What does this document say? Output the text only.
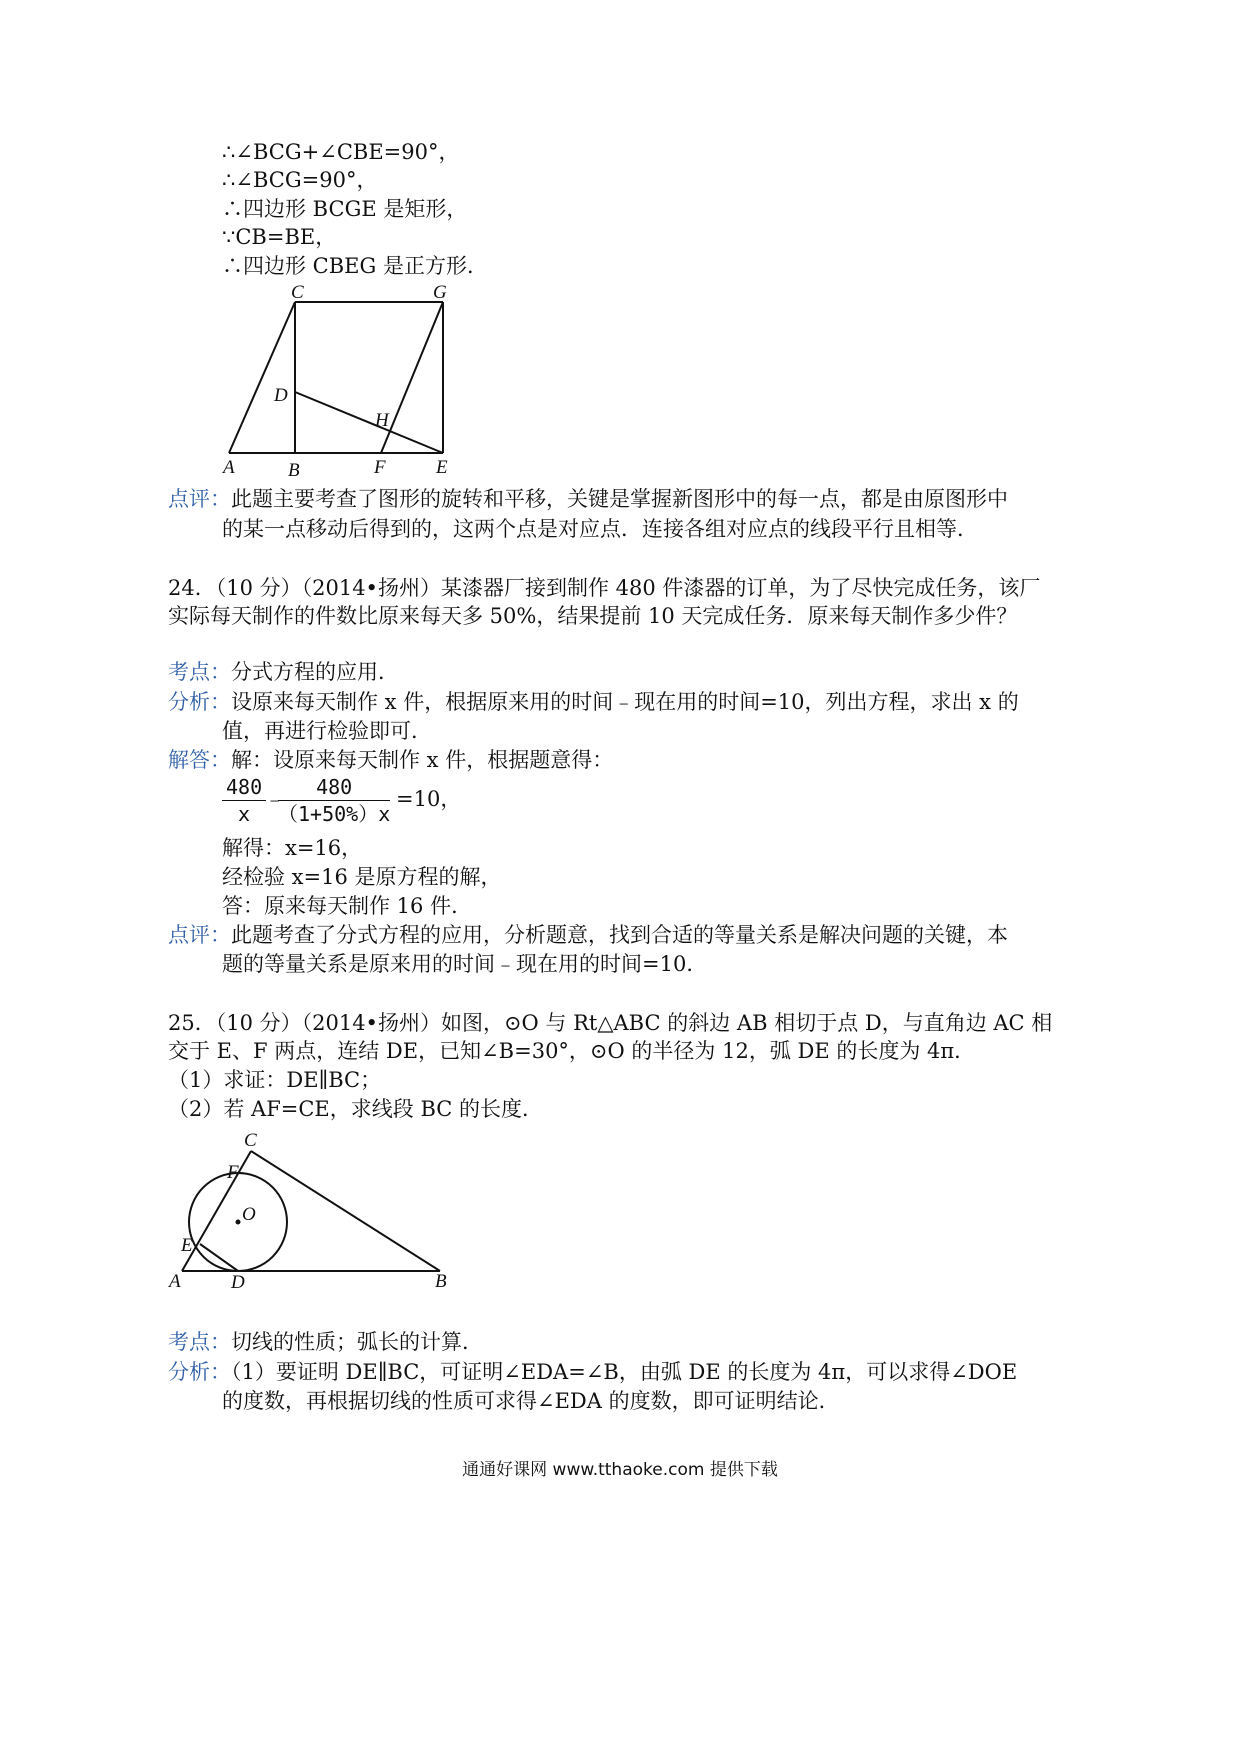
∴∠BCG+∠CBE=90°，
∴∠BCG=90°，
∴四边形 BCGE 是矩形，
∵CB=BE，
∴四边形 CBEG 是正方形．
C	G
D
H
A	B	F	E
点评：此题主要考查了图形的旋转和平移，关键是掌握新图形中的每一点，都是由原图形中
的某一点移动后得到的，这两个点是对应点．连接各组对应点的线段平行且相等．
24．（10 分）（2014•扬州）某漆器厂接到制作 480 件漆器的订单，为了尽快完成任务，该厂
实际每天制作的件数比原来每天多 50%，结果提前 10 天完成任务．原来每天制作多少件？
考点：分式方程的应用．
分析：设原来每天制作 x 件，根据原来用的时间﹣现在用的时间=10，列出方程，求出 x 的
值，再进行检验即可．
解答：解：设原来每天制作 x 件，根据题意得：
$\frac{480}{x}$
﹣
$\frac{480}{(1+50\%)x} =10$，
解得：x=16，
经检验 x=16 是原方程的解，
答：原来每天制作 16 件．
点评：此题考查了分式方程的应用，分析题意，找到合适的等量关系是解决问题的关键，本
题的等量关系是原来用的时间﹣现在用的时间=10．
25．（10 分）（2014•扬州）如图，⊙O 与 Rt△ABC 的斜边 AB 相切于点 D，与直角边 AC 相
交于 E、F 两点，连结 DE，已知∠B=30°，⊙O 的半径为 12，弧 DE 的长度为 4π．
（1）求证：DE∥BC；
（2）若 AF=CE，求线段 BC 的长度．
C
F
O
E
A	D	B
考点：切线的性质；弧长的计算．
分析：（1）要证明 DE∥BC，可证明∠EDA=∠B，由弧 DE 的长度为 4π，可以求得∠DOE
的度数，再根据切线的性质可求得∠EDA 的度数，即可证明结论．
通通好课网 www.tthaoke.com 提供下载
